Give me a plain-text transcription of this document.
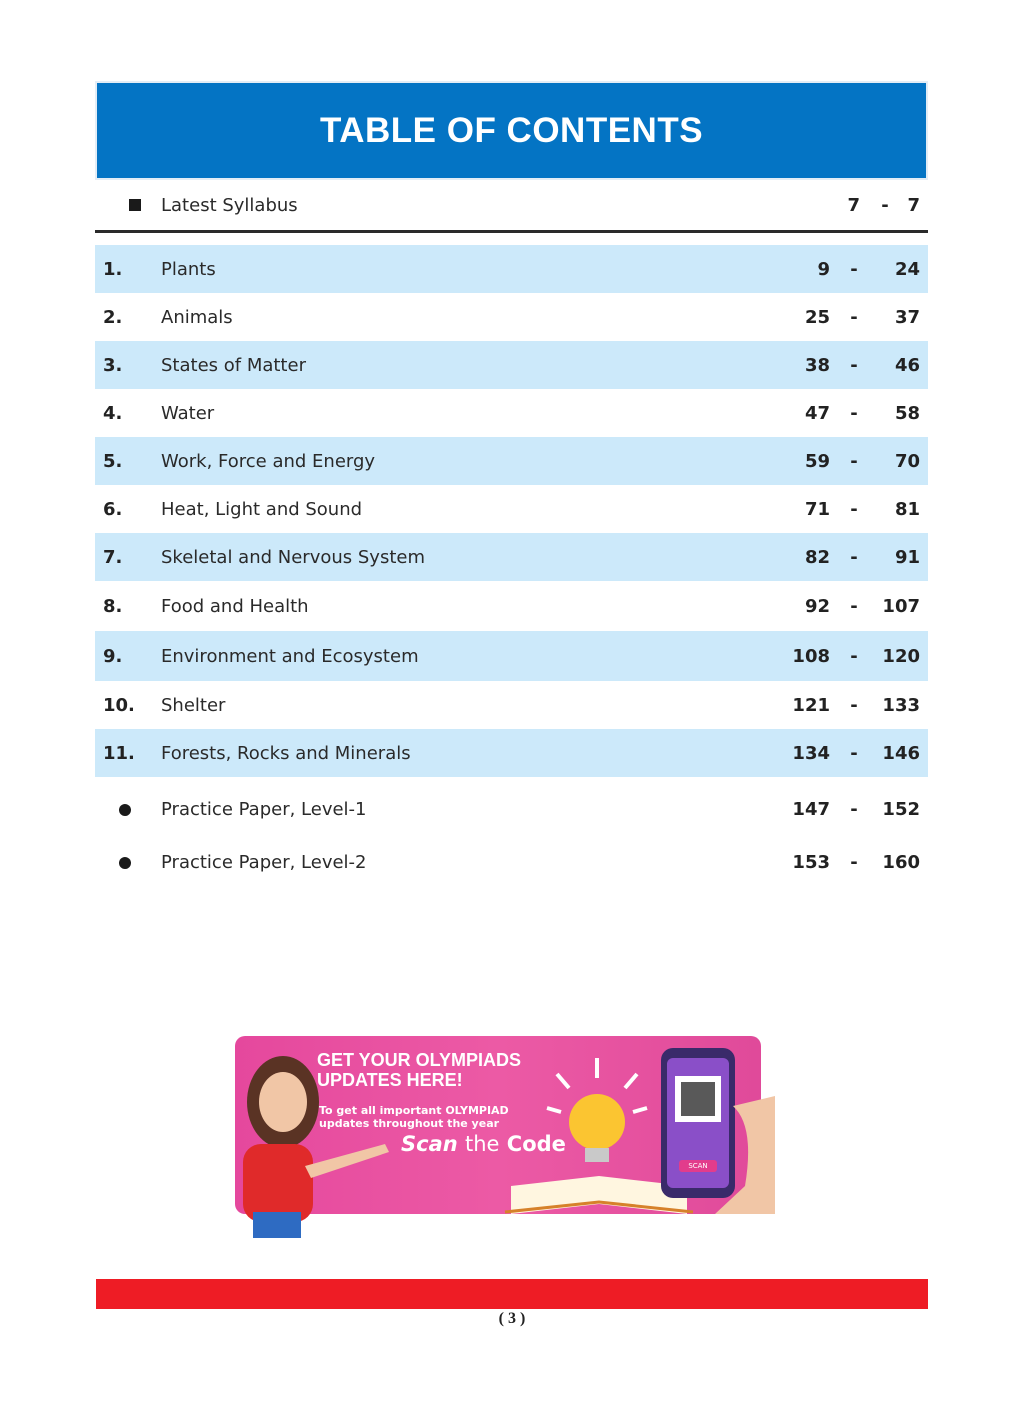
TABLE OF CONTENTS
Latest Syllabus	7 - 7
1. Plants	9 - 24
2. Animals	25 - 37
3. States of Matter	38 - 46
4. Water	47 - 58
5. Work, Force and Energy	59 - 70
6. Heat, Light and Sound	71 - 81
7. Skeletal and Nervous System	82 - 91
8. Food and Health	92 - 107
9. Environment and Ecosystem	108 - 120
10. Shelter	121 - 133
11. Forests, Rocks and Minerals	134 - 146
Practice Paper, Level-1	147 - 152
Practice Paper, Level-2	153 - 160
GET YOUR OLYMPIADS
UPDATES HERE!
To get all important OLYMPIAD
updates throughout the year
Scan the Code
SCAN
( 3 )
